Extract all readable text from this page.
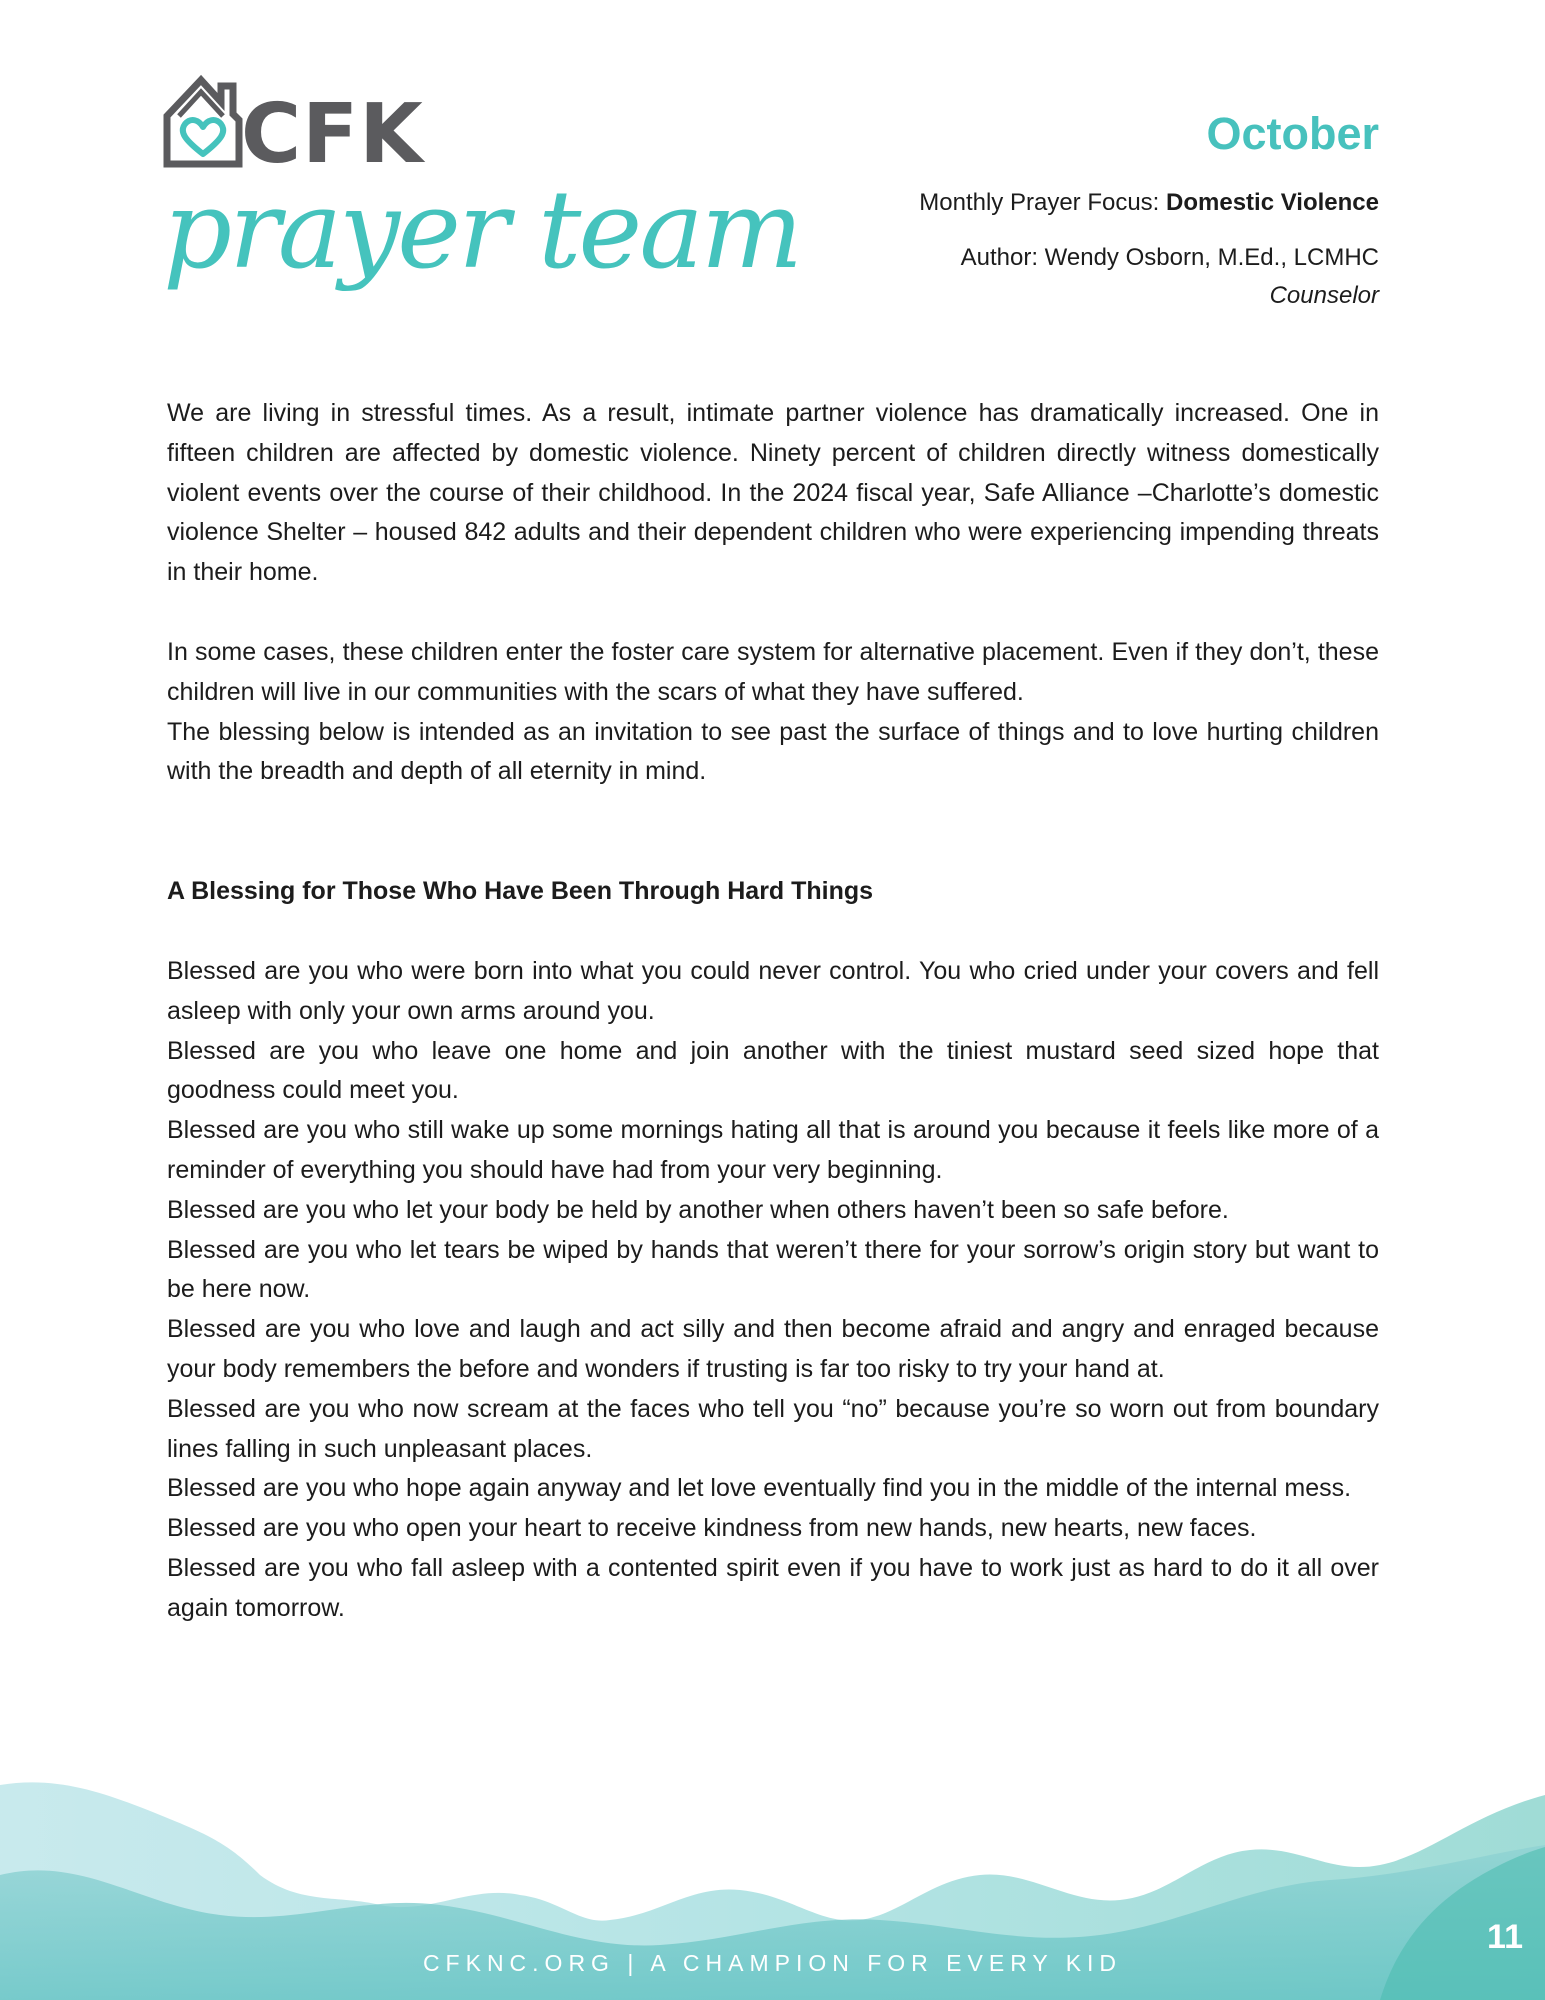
CFK
prayer team
October
Monthly Prayer Focus: Domestic Violence
Author: Wendy Osborn, M.Ed., LCMHC
Counselor

We are living in stressful times. As a result, intimate partner violence has dramatically increased. One in fifteen children are affected by domestic violence. Ninety percent of children directly witness domestically violent events over the course of their childhood. In the 2024 fiscal year, Safe Alliance –Charlotte’s domestic violence Shelter – housed 842 adults and their dependent children who were experiencing impending threats in their home.

In some cases, these children enter the foster care system for alternative placement. Even if they don’t, these children will live in our communities with the scars of what they have suffered.

The blessing below is intended as an invitation to see past the surface of things and to love hurting children with the breadth and depth of all eternity in mind.

A Blessing for Those Who Have Been Through Hard Things

Blessed are you who were born into what you could never control. You who cried under your covers and fell asleep with only your own arms around you.

Blessed are you who leave one home and join another with the tiniest mustard seed sized hope that goodness could meet you.

Blessed are you who still wake up some mornings hating all that is around you because it feels like more of a reminder of everything you should have had from your very beginning.

Blessed are you who let your body be held by another when others haven’t been so safe before.

Blessed are you who let tears be wiped by hands that weren’t there for your sorrow’s origin story but want to be here now.

Blessed are you who love and laugh and act silly and then become afraid and angry and enraged because your body remembers the before and wonders if trusting is far too risky to try your hand at.

Blessed are you who now scream at the faces who tell you “no” because you’re so worn out from boundary lines falling in such unpleasant places.

Blessed are you who hope again anyway and let love eventually find you in the middle of the internal mess.

Blessed are you who open your heart to receive kindness from new hands, new hearts, new faces.

Blessed are you who fall asleep with a contented spirit even if you have to work just as hard to do it all over again tomorrow.

CFKNC.ORG | A CHAMPION FOR EVERY KID
11
